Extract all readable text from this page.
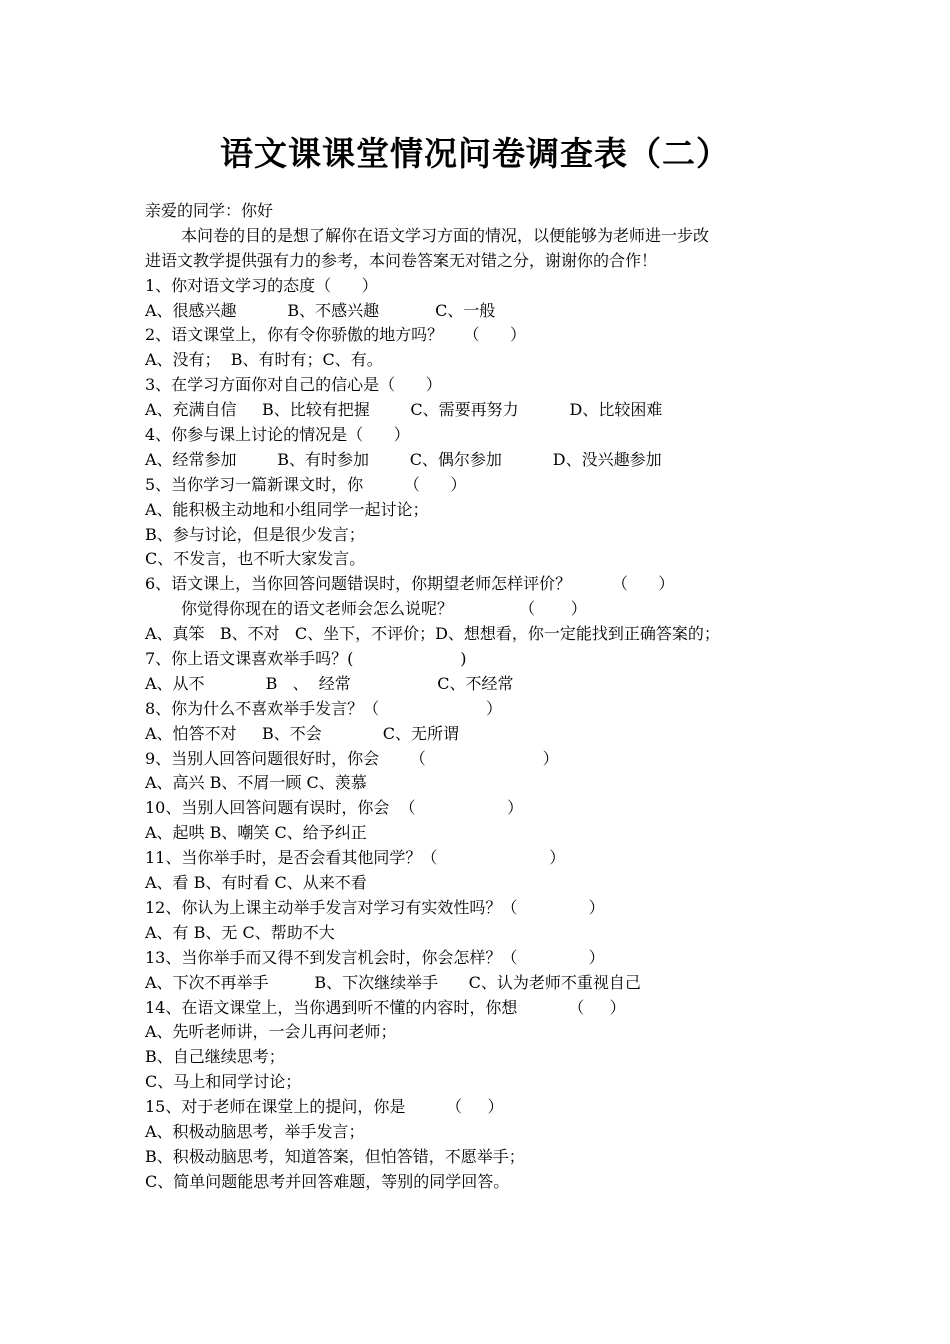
语文课课堂情况问卷调查表（二）
亲爱的同学：你好
本问卷的目的是想了解你在语文学习方面的情况，以便能够为老师进一步改
进语文教学提供强有力的参考，本问卷答案无对错之分，谢谢你的合作！
1、你对语文学习的态度（      ）
A、很感兴趣          B、不感兴趣           C、一般
2、语文课堂上，你有令你骄傲的地方吗？    （      ）
A、没有；  B、有时有；C、有。
3、在学习方面你对自己的信心是（      ）
A、充满自信     B、比较有把握        C、需要再努力          D、比较困难
4、你参与课上讨论的情况是（      ）
A、经常参加        B、有时参加        C、偶尔参加          D、没兴趣参加
5、当你学习一篇新课文时，你        （      ）
A、能积极主动地和小组同学一起讨论；
B、参与讨论，但是很少发言；
C、不发言，也不听大家发言。
6、语文课上，当你回答问题错误时，你期望老师怎样评价？        （      ）
你觉得你现在的语文老师会怎么说呢？             （       ）
A、真笨   B、不对   C、坐下，不评价；D、想想看，你一定能找到正确答案的；
7、你上语文课喜欢举手吗？(                     )
A、从不            B   、  经常                 C、不经常
8、你为什么不喜欢举手发言？（                     ）
A、怕答不对     B、不会            C、无所谓
9、当别人回答问题很好时，你会      （                       ）
A、高兴 B、不屑一顾 C、羡慕
10、当别人回答问题有误时，你会  （                  ）
A、起哄 B、嘲笑 C、给予纠正
11、当你举手时，是否会看其他同学？（                      ）
A、看 B、有时看 C、从来不看
12、你认为上课主动举手发言对学习有实效性吗？（              ）
A、有 B、无 C、帮助不大
13、当你举手而又得不到发言机会时，你会怎样？（              ）
A、下次不再举手         B、下次继续举手      C、认为老师不重视自己
14、在语文课堂上，当你遇到听不懂的内容时，你想          （     ）
A、先听老师讲，一会儿再问老师；
B、自己继续思考；
C、马上和同学讨论；
15、对于老师在课堂上的提问，你是        （     ）
A、积极动脑思考，举手发言；
B、积极动脑思考，知道答案，但怕答错，不愿举手；
C、简单问题能思考并回答难题，等别的同学回答。
